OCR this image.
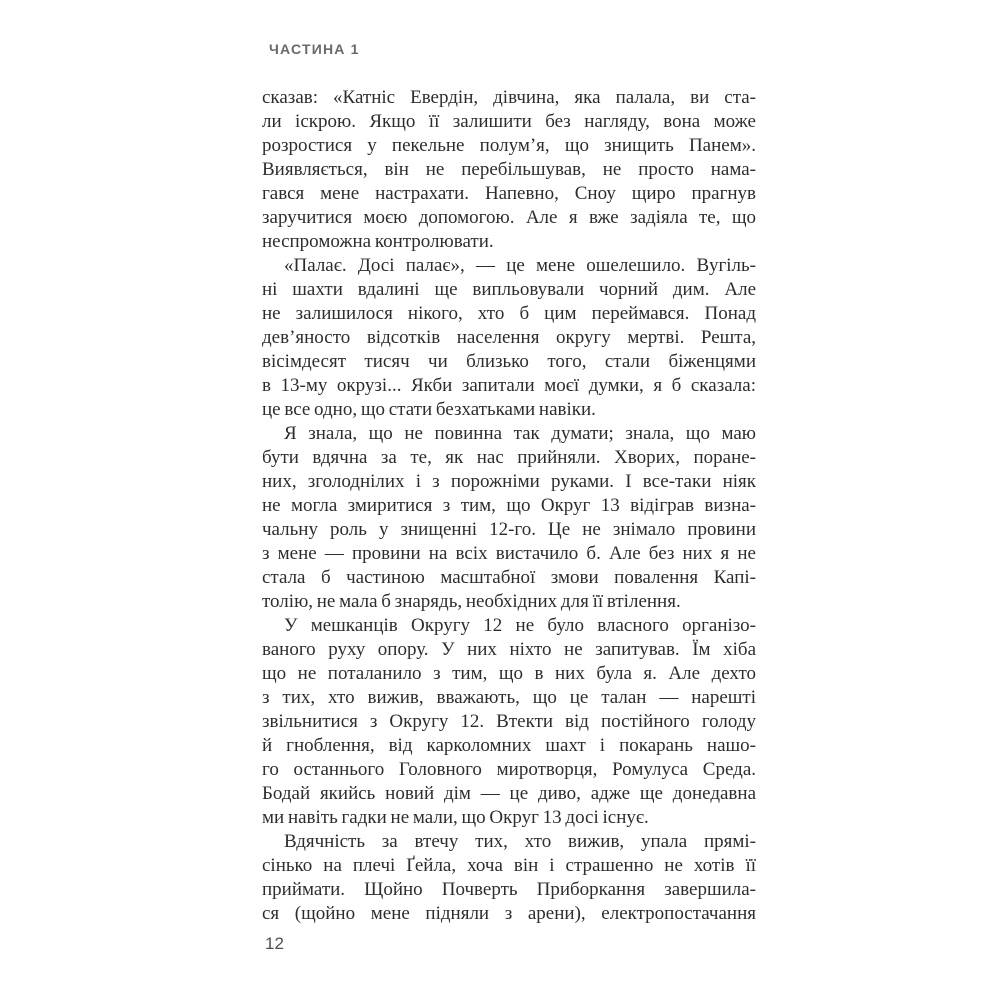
ЧАСТИНА 1
сказав: «Катніс Евердін, дівчина, яка палала, ви ста-
ли іскрою. Якщо її залишити без нагляду, вона може
розростися у пекельне полум’я, що знищить Панем».
Виявляється, він не перебільшував, не просто нама-
гався мене настрахати. Напевно, Сноу щиро прагнув
заручитися моєю допомогою. Але я вже задіяла те, що
неспроможна контролювати.
«Палає. Досі палає», — це мене ошелешило. Вугіль-
ні шахти вдалині ще випльовували чорний дим. Але
не залишилося нікого, хто б цим переймався. Понад
дев’яносто відсотків населення округу мертві. Решта,
вісімдесят тисяч чи близько того, стали біженцями
в 13-му окрузі... Якби запитали моєї думки, я б сказала:
це все одно, що стати безхатьками навіки.
Я знала, що не повинна так думати; знала, що маю
бути вдячна за те, як нас прийняли. Хворих, поране-
них, зголоднілих і з порожніми руками. І все-таки ніяк
не могла змиритися з тим, що Округ 13 відіграв визна-
чальну роль у знищенні 12-го. Це не знімало провини
з мене — провини на всіх вистачило б. Але без них я не
стала б частиною масштабної змови повалення Капі-
толію, не мала б знарядь, необхідних для її втілення.
У мешканців Округу 12 не було власного організо-
ваного руху опору. У них ніхто не запитував. Їм хіба
що не поталанило з тим, що в них була я. Але дехто
з тих, хто вижив, вважають, що це талан — нарешті
звільнитися з Округу 12. Втекти від постійного голоду
й гноблення, від карколомних шахт і покарань нашо-
го останнього Головного миротворця, Ромулуса Среда.
Бодай якийсь новий дім — це диво, адже ще донедавна
ми навіть гадки не мали, що Округ 13 досі існує.
Вдячність за втечу тих, хто вижив, упала прямі-
сінько на плечі Ґейла, хоча він і страшенно не хотів її
приймати. Щойно Почверть Приборкання завершила-
ся (щойно мене підняли з арени), електропостачання
12
